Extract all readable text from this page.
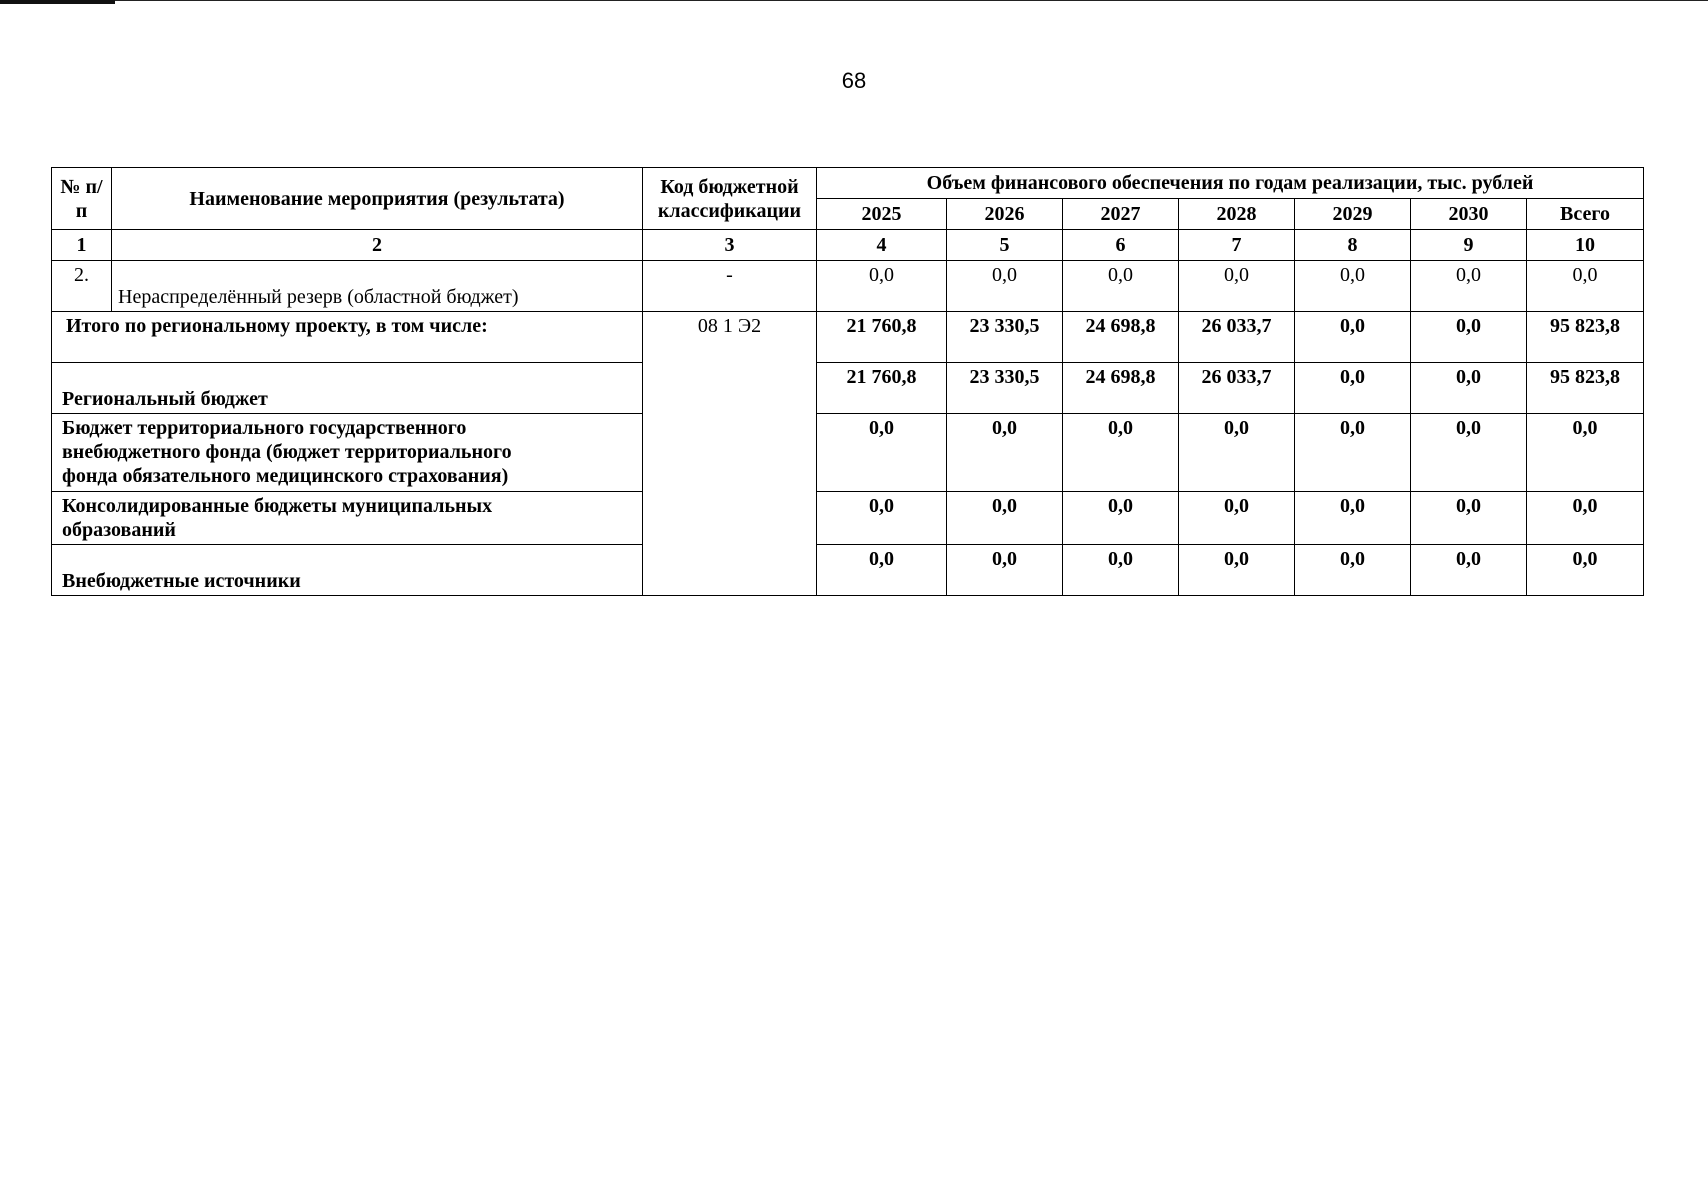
68
№ п/п	Наименование мероприятия (результата)	Код бюджетной классификации	Объем финансового обеспечения по годам реализации, тыс. рублей						
			2025	2026	2027	2028	2029	2030	Всего
1	2	3	4	5	6	7	8	9	10
2.	Нераспределённый резерв (областной бюджет)	-	0,0	0,0	0,0	0,0	0,0	0,0	0,0
Итого по региональному проекту, в том числе:		08 1 Э2	21 760,8	23 330,5	24 698,8	26 033,7	0,0	0,0	95 823,8
Региональный бюджет			21 760,8	23 330,5	24 698,8	26 033,7	0,0	0,0	95 823,8
Бюджет территориального государственного внебюджетного фонда (бюджет территориального фонда обязательного медицинского страхования)			0,0	0,0	0,0	0,0	0,0	0,0	0,0
Консолидированные бюджеты муниципальных образований			0,0	0,0	0,0	0,0	0,0	0,0	0,0
Внебюджетные источники			0,0	0,0	0,0	0,0	0,0	0,0	0,0
